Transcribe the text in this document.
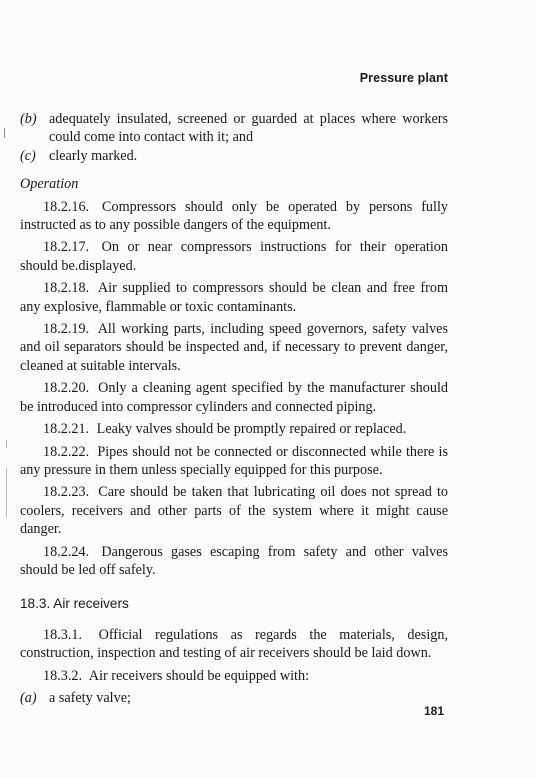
Pressure plant

(b) adequately insulated, screened or guarded at places where workers could come into contact with it; and

(c) clearly marked.

Operation

18.2.16. Compressors should only be operated by persons fully instructed as to any possible dangers of the equipment.

18.2.17. On or near compressors instructions for their operation should be.displayed.

18.2.18. Air supplied to compressors should be clean and free from any explosive, flammable or toxic contaminants.

18.2.19. All working parts, including speed governors, safety valves and oil separators should be inspected and, if necessary to prevent danger, cleaned at suitable intervals.

18.2.20. Only a cleaning agent specified by the manufacturer should be introduced into compressor cylinders and connected piping.

18.2.21. Leaky valves should be promptly repaired or replaced.

18.2.22. Pipes should not be connected or disconnected while there is any pressure in them unless specially equipped for this purpose.

18.2.23. Care should be taken that lubricating oil does not spread to coolers, receivers and other parts of the system where it might cause danger.

18.2.24. Dangerous gases escaping from safety and other valves should be led off safely.

18.3. Air receivers

18.3.1. Official regulations as regards the materials, design, construction, inspection and testing of air receivers should be laid down.

18.3.2. Air receivers should be equipped with:

(a) a safety valve;

181
